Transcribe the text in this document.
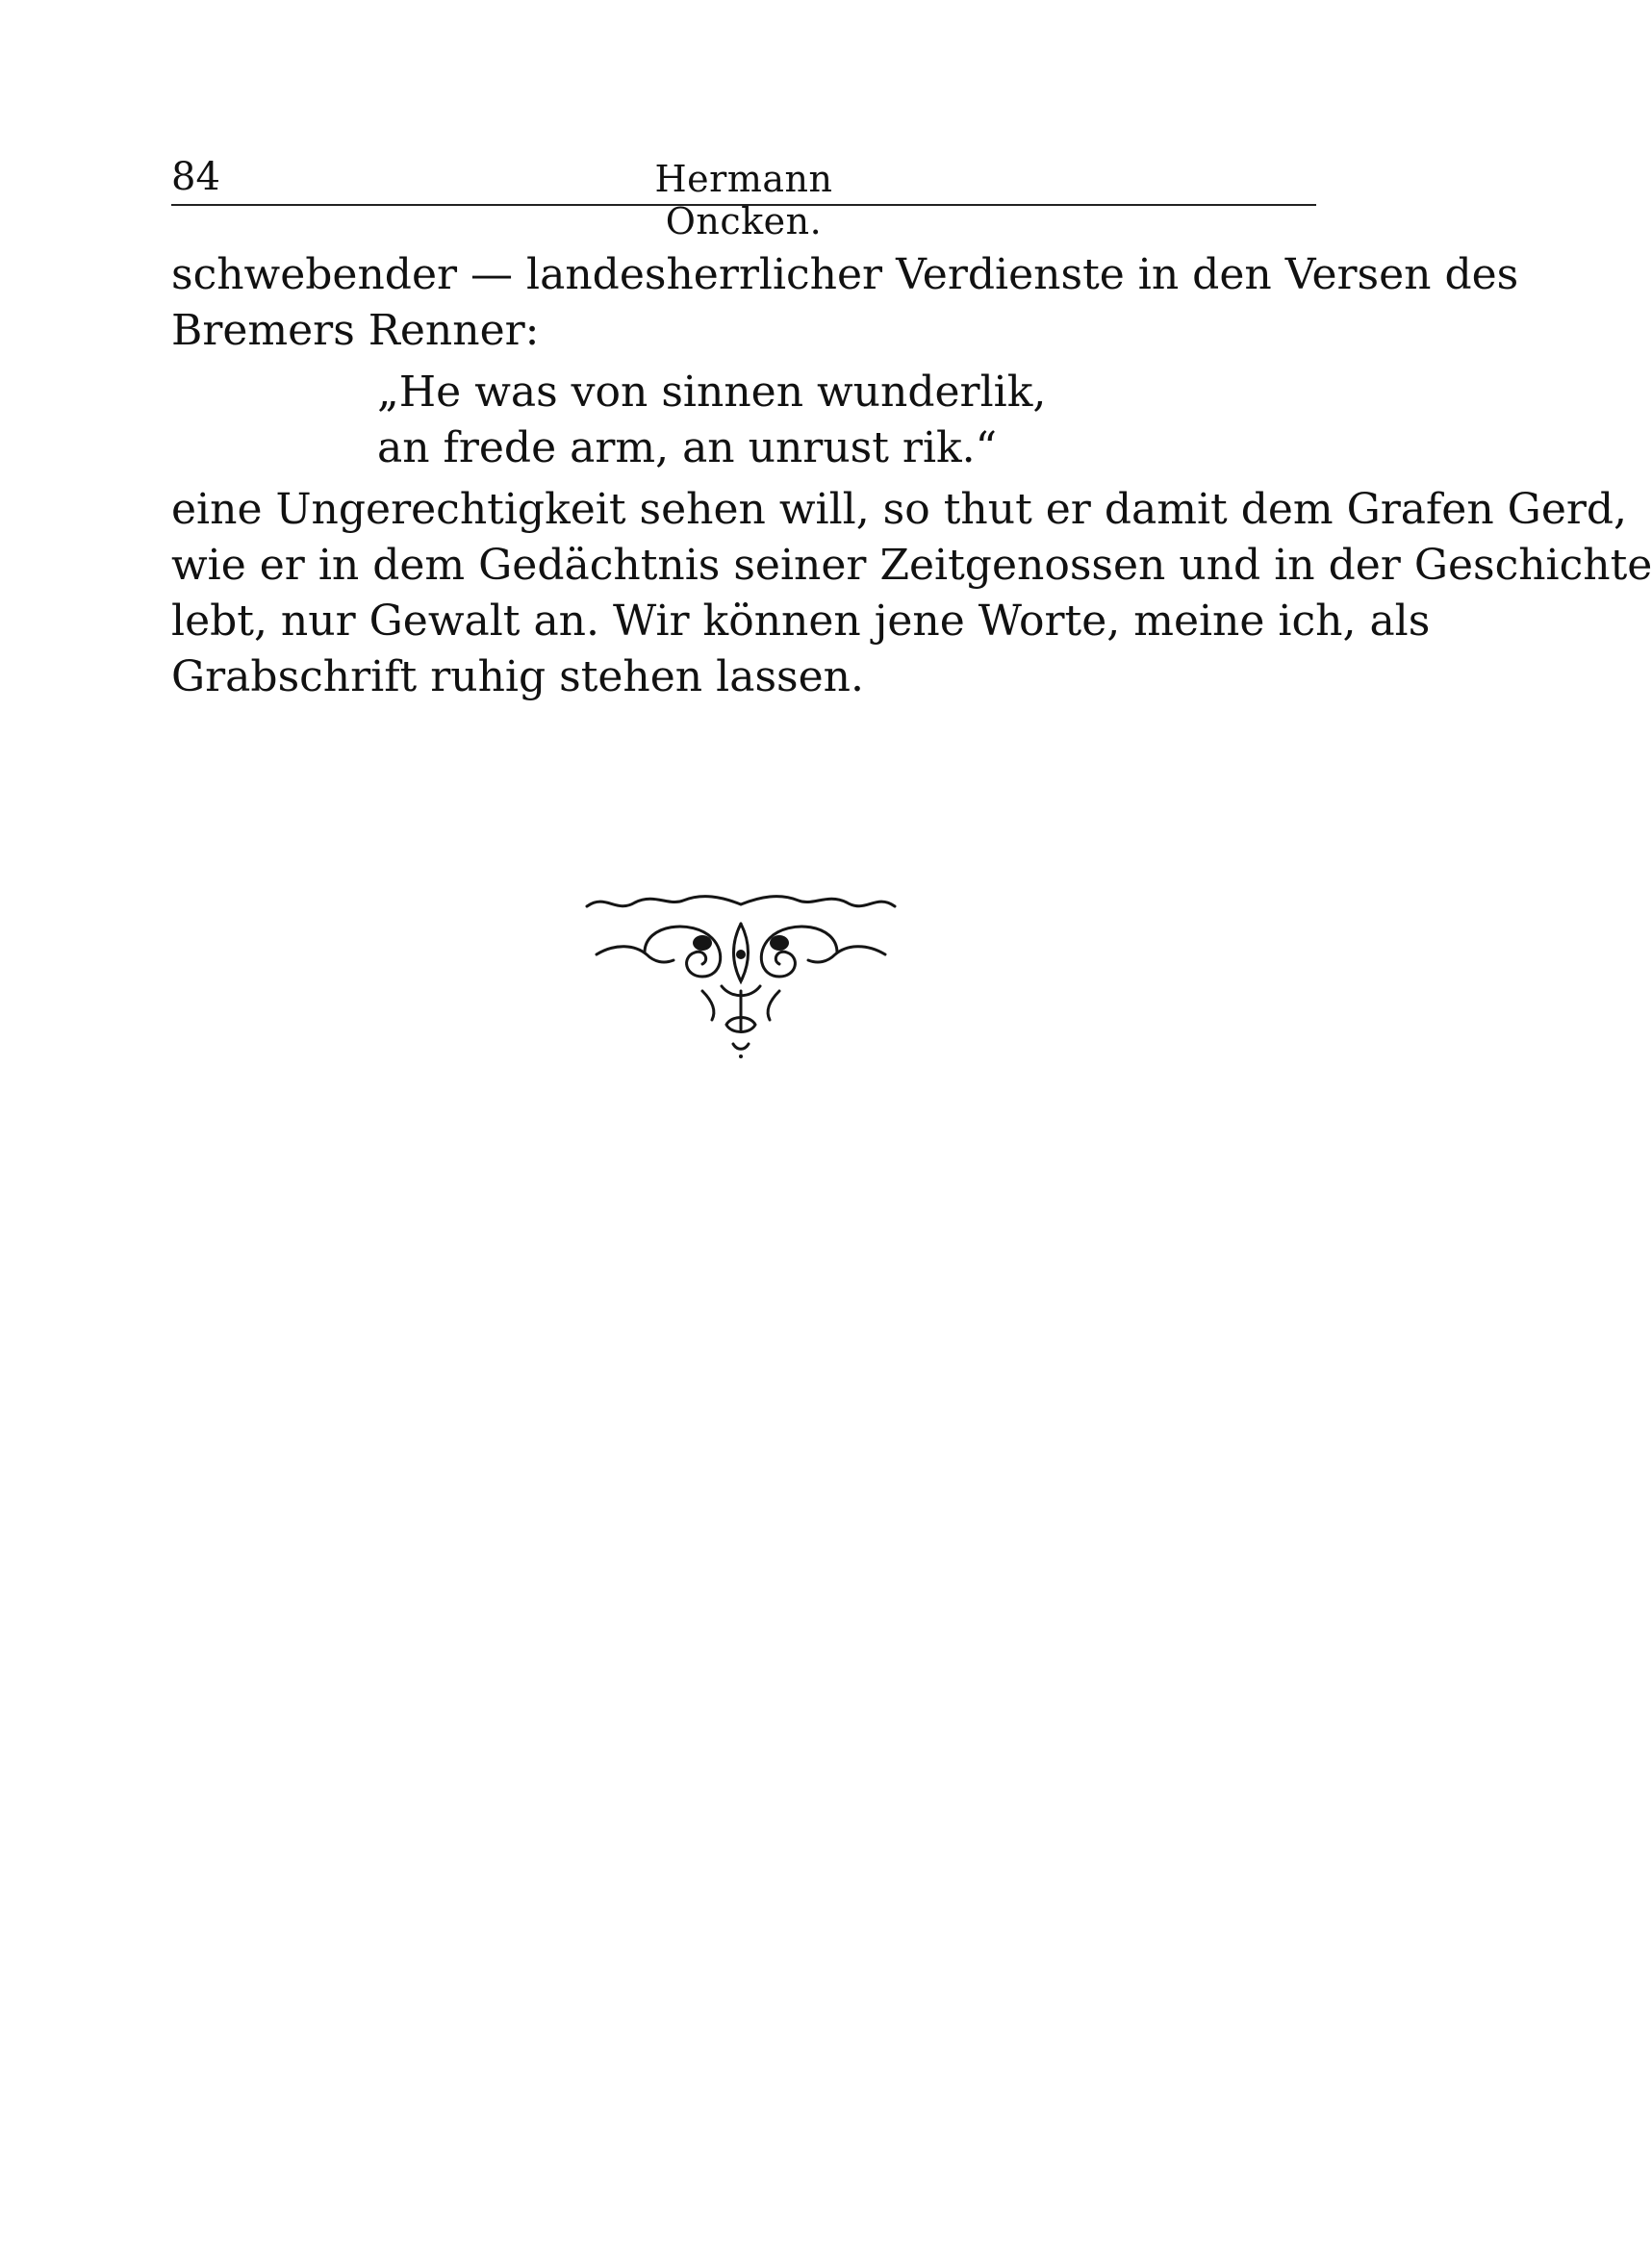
84	Hermann Oncken.
schwebender — landesherrlicher Verdienste in den Versen des
Bremers Renner:
„He was von sinnen wunderlik,
an frede arm, an unrust rik.“
eine Ungerechtigkeit sehen will, so thut er damit dem Grafen Gerd,
wie er in dem Gedächtnis seiner Zeitgenossen und in der Geschichte
lebt, nur Gewalt an. Wir können jene Worte, meine ich, als
Grabschrift ruhig stehen lassen.
